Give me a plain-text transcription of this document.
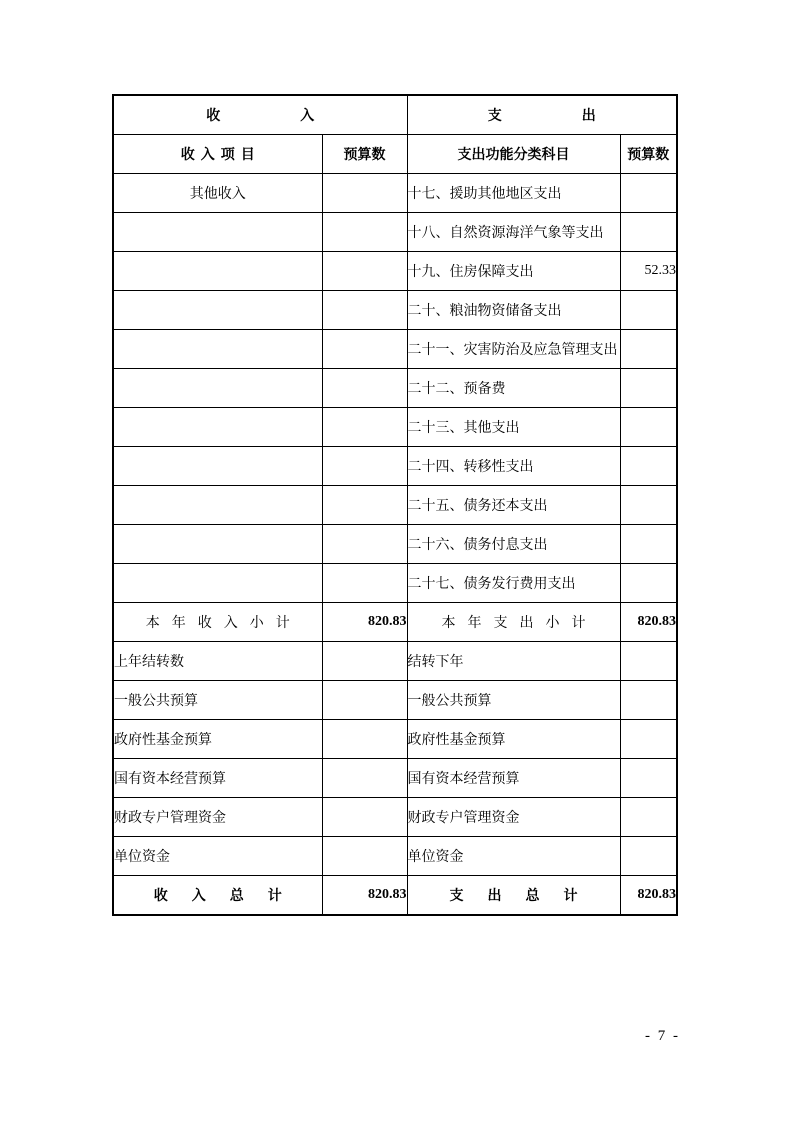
收入		支出	
收入项目	预算数	支出功能分类科目	预算数
其他收入		十七、援助其他地区支出	
		十八、自然资源海洋气象等支出	
		十九、住房保障支出	52.33
		二十、粮油物资储备支出	
		二十一、灾害防治及应急管理支出	
		二十二、预备费	
		二十三、其他支出	
		二十四、转移性支出	
		二十五、债务还本支出	
		二十六、债务付息支出	
		二十七、债务发行费用支出	
本年收入小计	820.83	本年支出小计	820.83
上年结转数		结转下年	
一般公共预算		一般公共预算	
政府性基金预算		政府性基金预算	
国有资本经营预算		国有资本经营预算	
财政专户管理资金		财政专户管理资金	
单位资金		单位资金	
收入总计	820.83	支出总计	820.83
- 7 -
